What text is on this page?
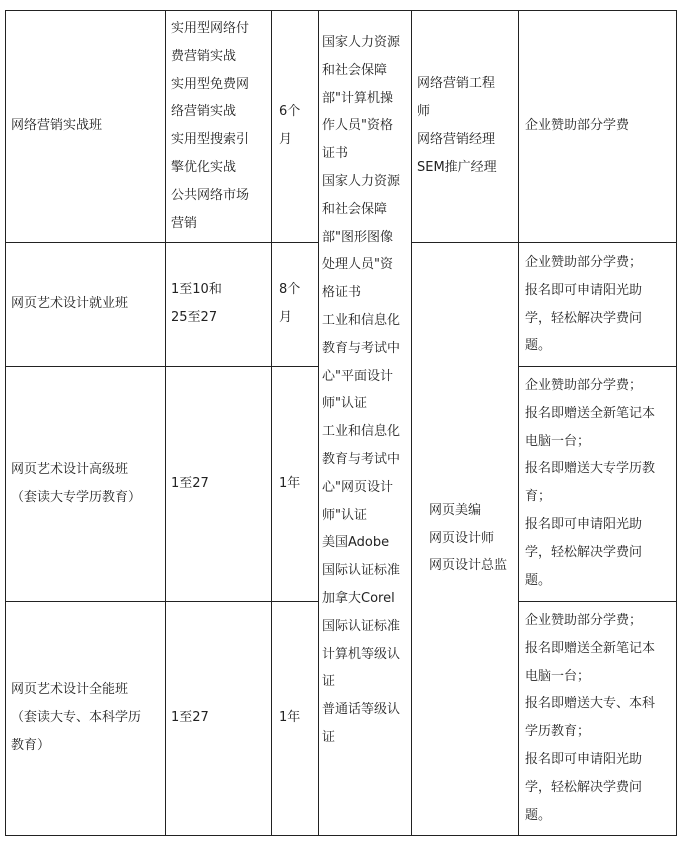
网络营销实战班
实用型网络付
费营销实战
实用型免费网
络营销实战
实用型搜索引
擎优化实战
公共网络市场
营销
6个
月
企业赞助部分学费
网页艺术设计就业班
1至10和
25至27
8个
月
企业赞助部分学费；
报名即可申请阳光助
学，轻松解决学费问
题。
网页艺术设计高级班
（套读大专学历教育）
1至27	1年
企业赞助部分学费；
报名即赠送全新笔记本
电脑一台；
报名即赠送大专学历教
育；
报名即可申请阳光助
学，轻松解决学费问
题。
网页艺术设计全能班
（套读大专、本科学历
教育）
1至27	1年
企业赞助部分学费；
报名即赠送全新笔记本
电脑一台；
报名即赠送大专、本科
学历教育；
报名即可申请阳光助
学，轻松解决学费问
题。
国家人力资源
和社会保障
部"计算机操
作人员"资格
证书
国家人力资源
和社会保障
部"图形图像
处理人员"资
格证书
工业和信息化
教育与考试中
心"平面设计
师"认证
工业和信息化
教育与考试中
心"网页设计
师"认证
美国Adobe
国际认证标准
加拿大Corel
国际认证标准
计算机等级认
证
普通话等级认
证
网络营销工程
师
网络营销经理
SEM推广经理
网页美编
网页设计师
网页设计总监
